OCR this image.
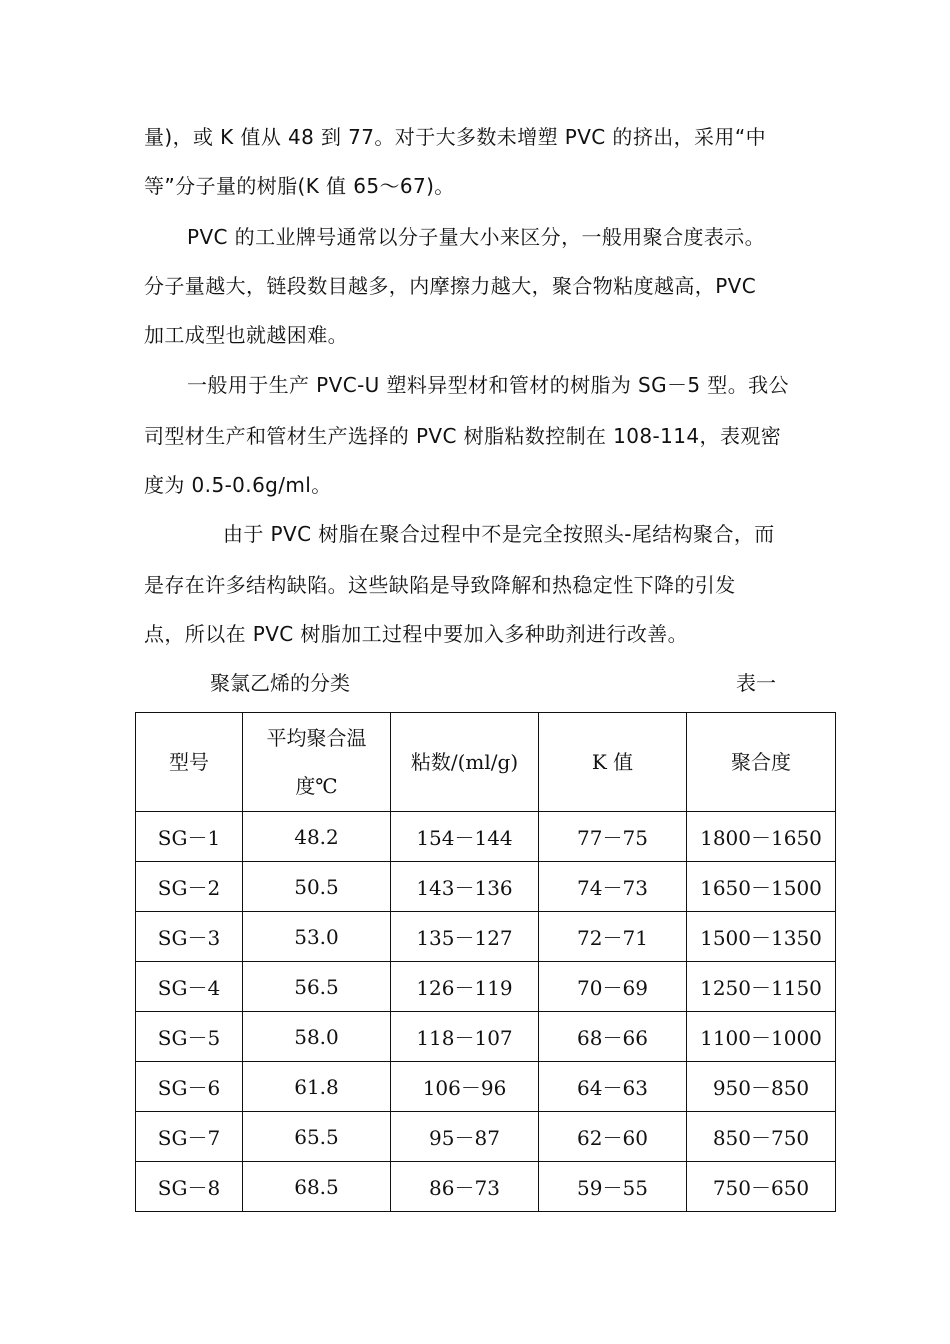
量)，或 K 值从 48 到 77。对于大多数未增塑 PVC 的挤出，采用“中
等”分子量的树脂(K 值 65～67)。
PVC 的工业牌号通常以分子量大小来区分，一般用聚合度表示。
分子量越大，链段数目越多，内摩擦力越大，聚合物粘度越高，PVC
加工成型也就越困难。
一般用于生产 PVC-U 塑料异型材和管材的树脂为 SG－5 型。我公
司型材生产和管材生产选择的 PVC 树脂粘数控制在 108-114，表观密
度为 0.5-0.6g/ml。
由于 PVC 树脂在聚合过程中不是完全按照头-尾结构聚合，而
是存在许多结构缺陷。这些缺陷是导致降解和热稳定性下降的引发
点，所以在 PVC 树脂加工过程中要加入多种助剂进行改善。
聚氯乙烯的分类	表一
型号	平均聚合温度℃	粘数/(ml/g)	K 值	聚合度
SG－1	48.2	154－144	77－75	1800－1650
SG－2	50.5	143－136	74－73	1650－1500
SG－3	53.0	135－127	72－71	1500－1350
SG－4	56.5	126－119	70－69	1250－1150
SG－5	58.0	118－107	68－66	1100－1000
SG－6	61.8	106－96	64－63	950－850
SG－7	65.5	95－87	62－60	850－750
SG－8	68.5	86－73	59－55	750－650
